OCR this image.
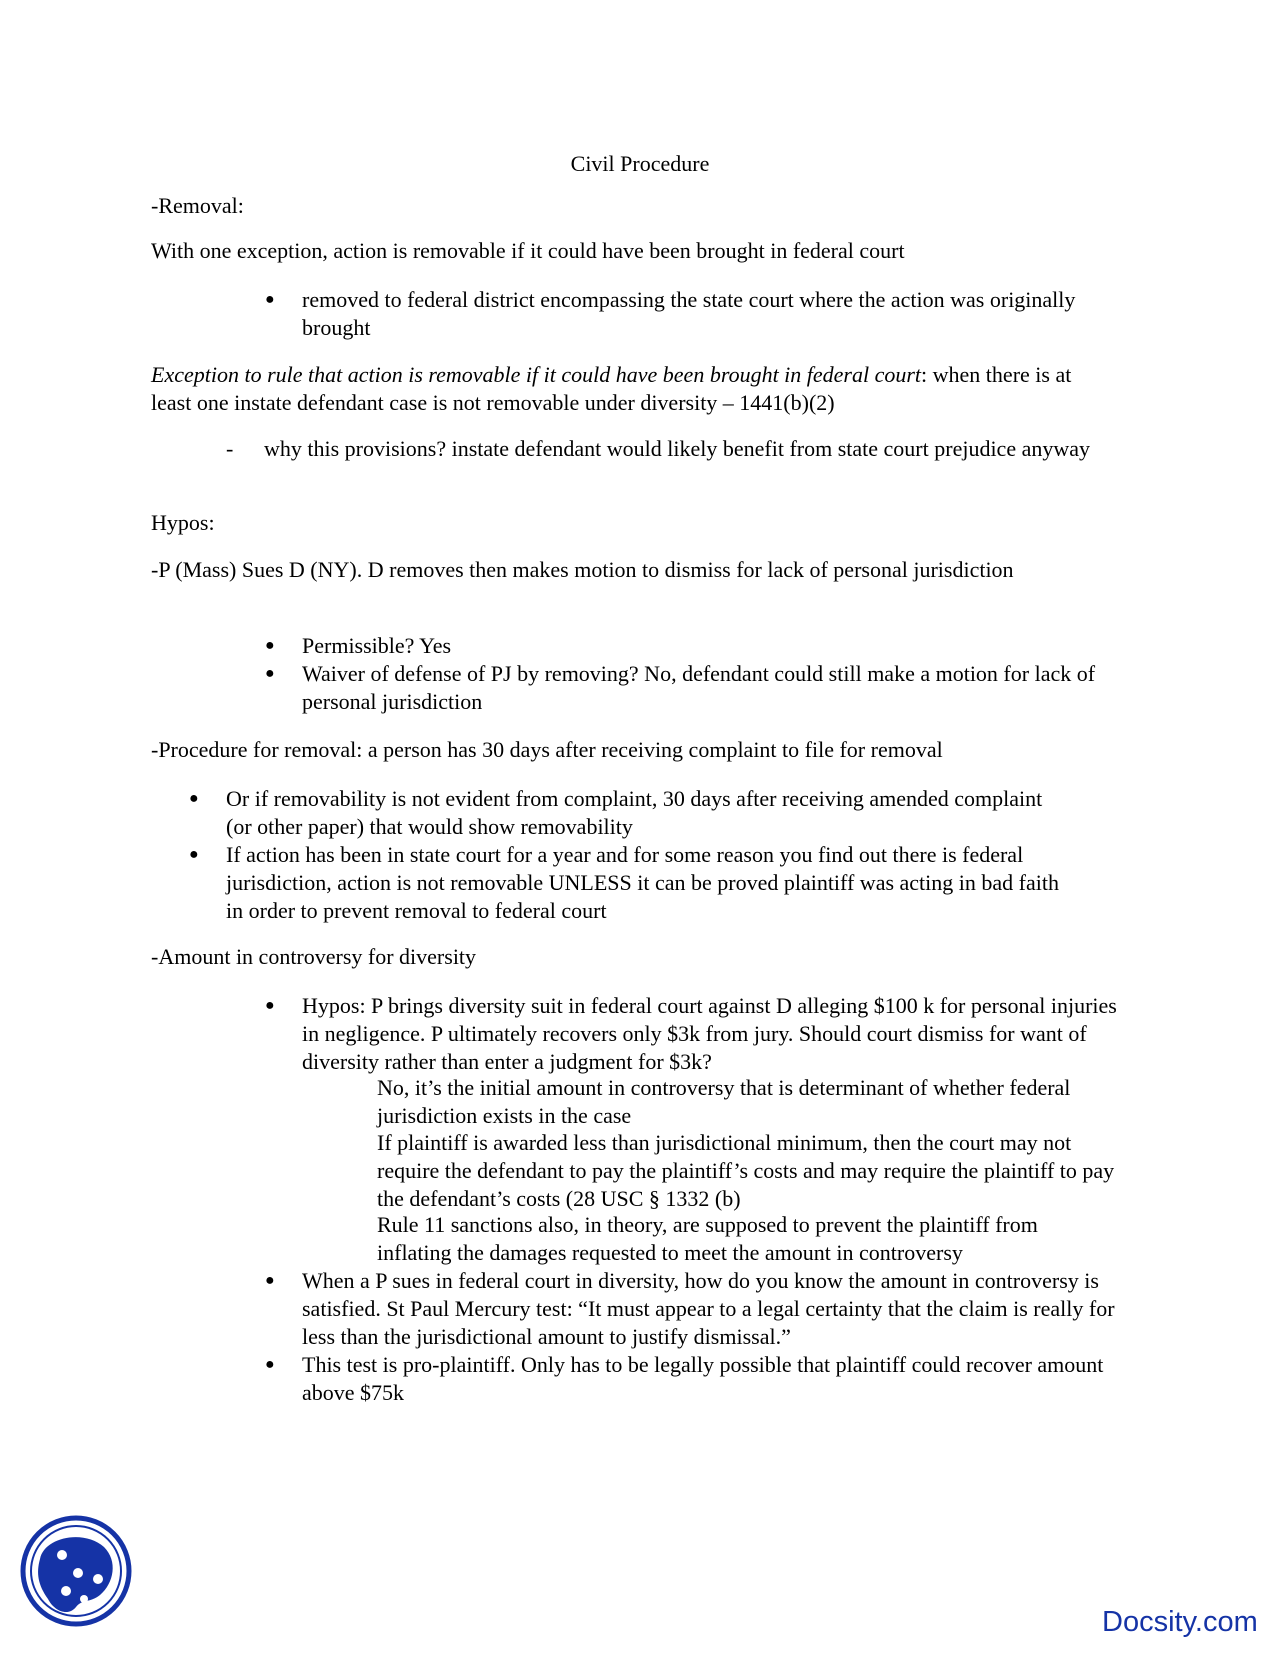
Civil Procedure

-Removal:

With one exception, action is removable if it could have been brought in federal court

● removed to federal district encompassing the state court where the action was originally brought

Exception to rule that action is removable if it could have been brought in federal court: when there is at least one instate defendant case is not removable under diversity – 1441(b)(2)

- why this provisions? instate defendant would likely benefit from state court prejudice anyway

Hypos:

-P (Mass) Sues D (NY). D removes then makes motion to dismiss for lack of personal jurisdiction

● Permissible? Yes
● Waiver of defense of PJ by removing? No, defendant could still make a motion for lack of personal jurisdiction

-Procedure for removal: a person has 30 days after receiving complaint to file for removal

● Or if removability is not evident from complaint, 30 days after receiving amended complaint (or other paper) that would show removability
● If action has been in state court for a year and for some reason you find out there is federal jurisdiction, action is not removable UNLESS it can be proved plaintiff was acting in bad faith in order to prevent removal to federal court

-Amount in controversy for diversity

● Hypos: P brings diversity suit in federal court against D alleging $100 k for personal injuries in negligence. P ultimately recovers only $3k from jury. Should court dismiss for want of diversity rather than enter a judgment for $3k?

No, it’s the initial amount in controversy that is determinant of whether federal jurisdiction exists in the case

If plaintiff is awarded less than jurisdictional minimum, then the court may not require the defendant to pay the plaintiff’s costs and may require the plaintiff to pay the defendant’s costs (28 USC § 1332 (b)

Rule 11 sanctions also, in theory, are supposed to prevent the plaintiff from inflating the damages requested to meet the amount in controversy

● When a P sues in federal court in diversity, how do you know the amount in controversy is satisfied. St Paul Mercury test: “It must appear to a legal certainty that the claim is really for less than the jurisdictional amount to justify dismissal.”
● This test is pro-plaintiff. Only has to be legally possible that plaintiff could recover amount above $75k
Docsity.com
